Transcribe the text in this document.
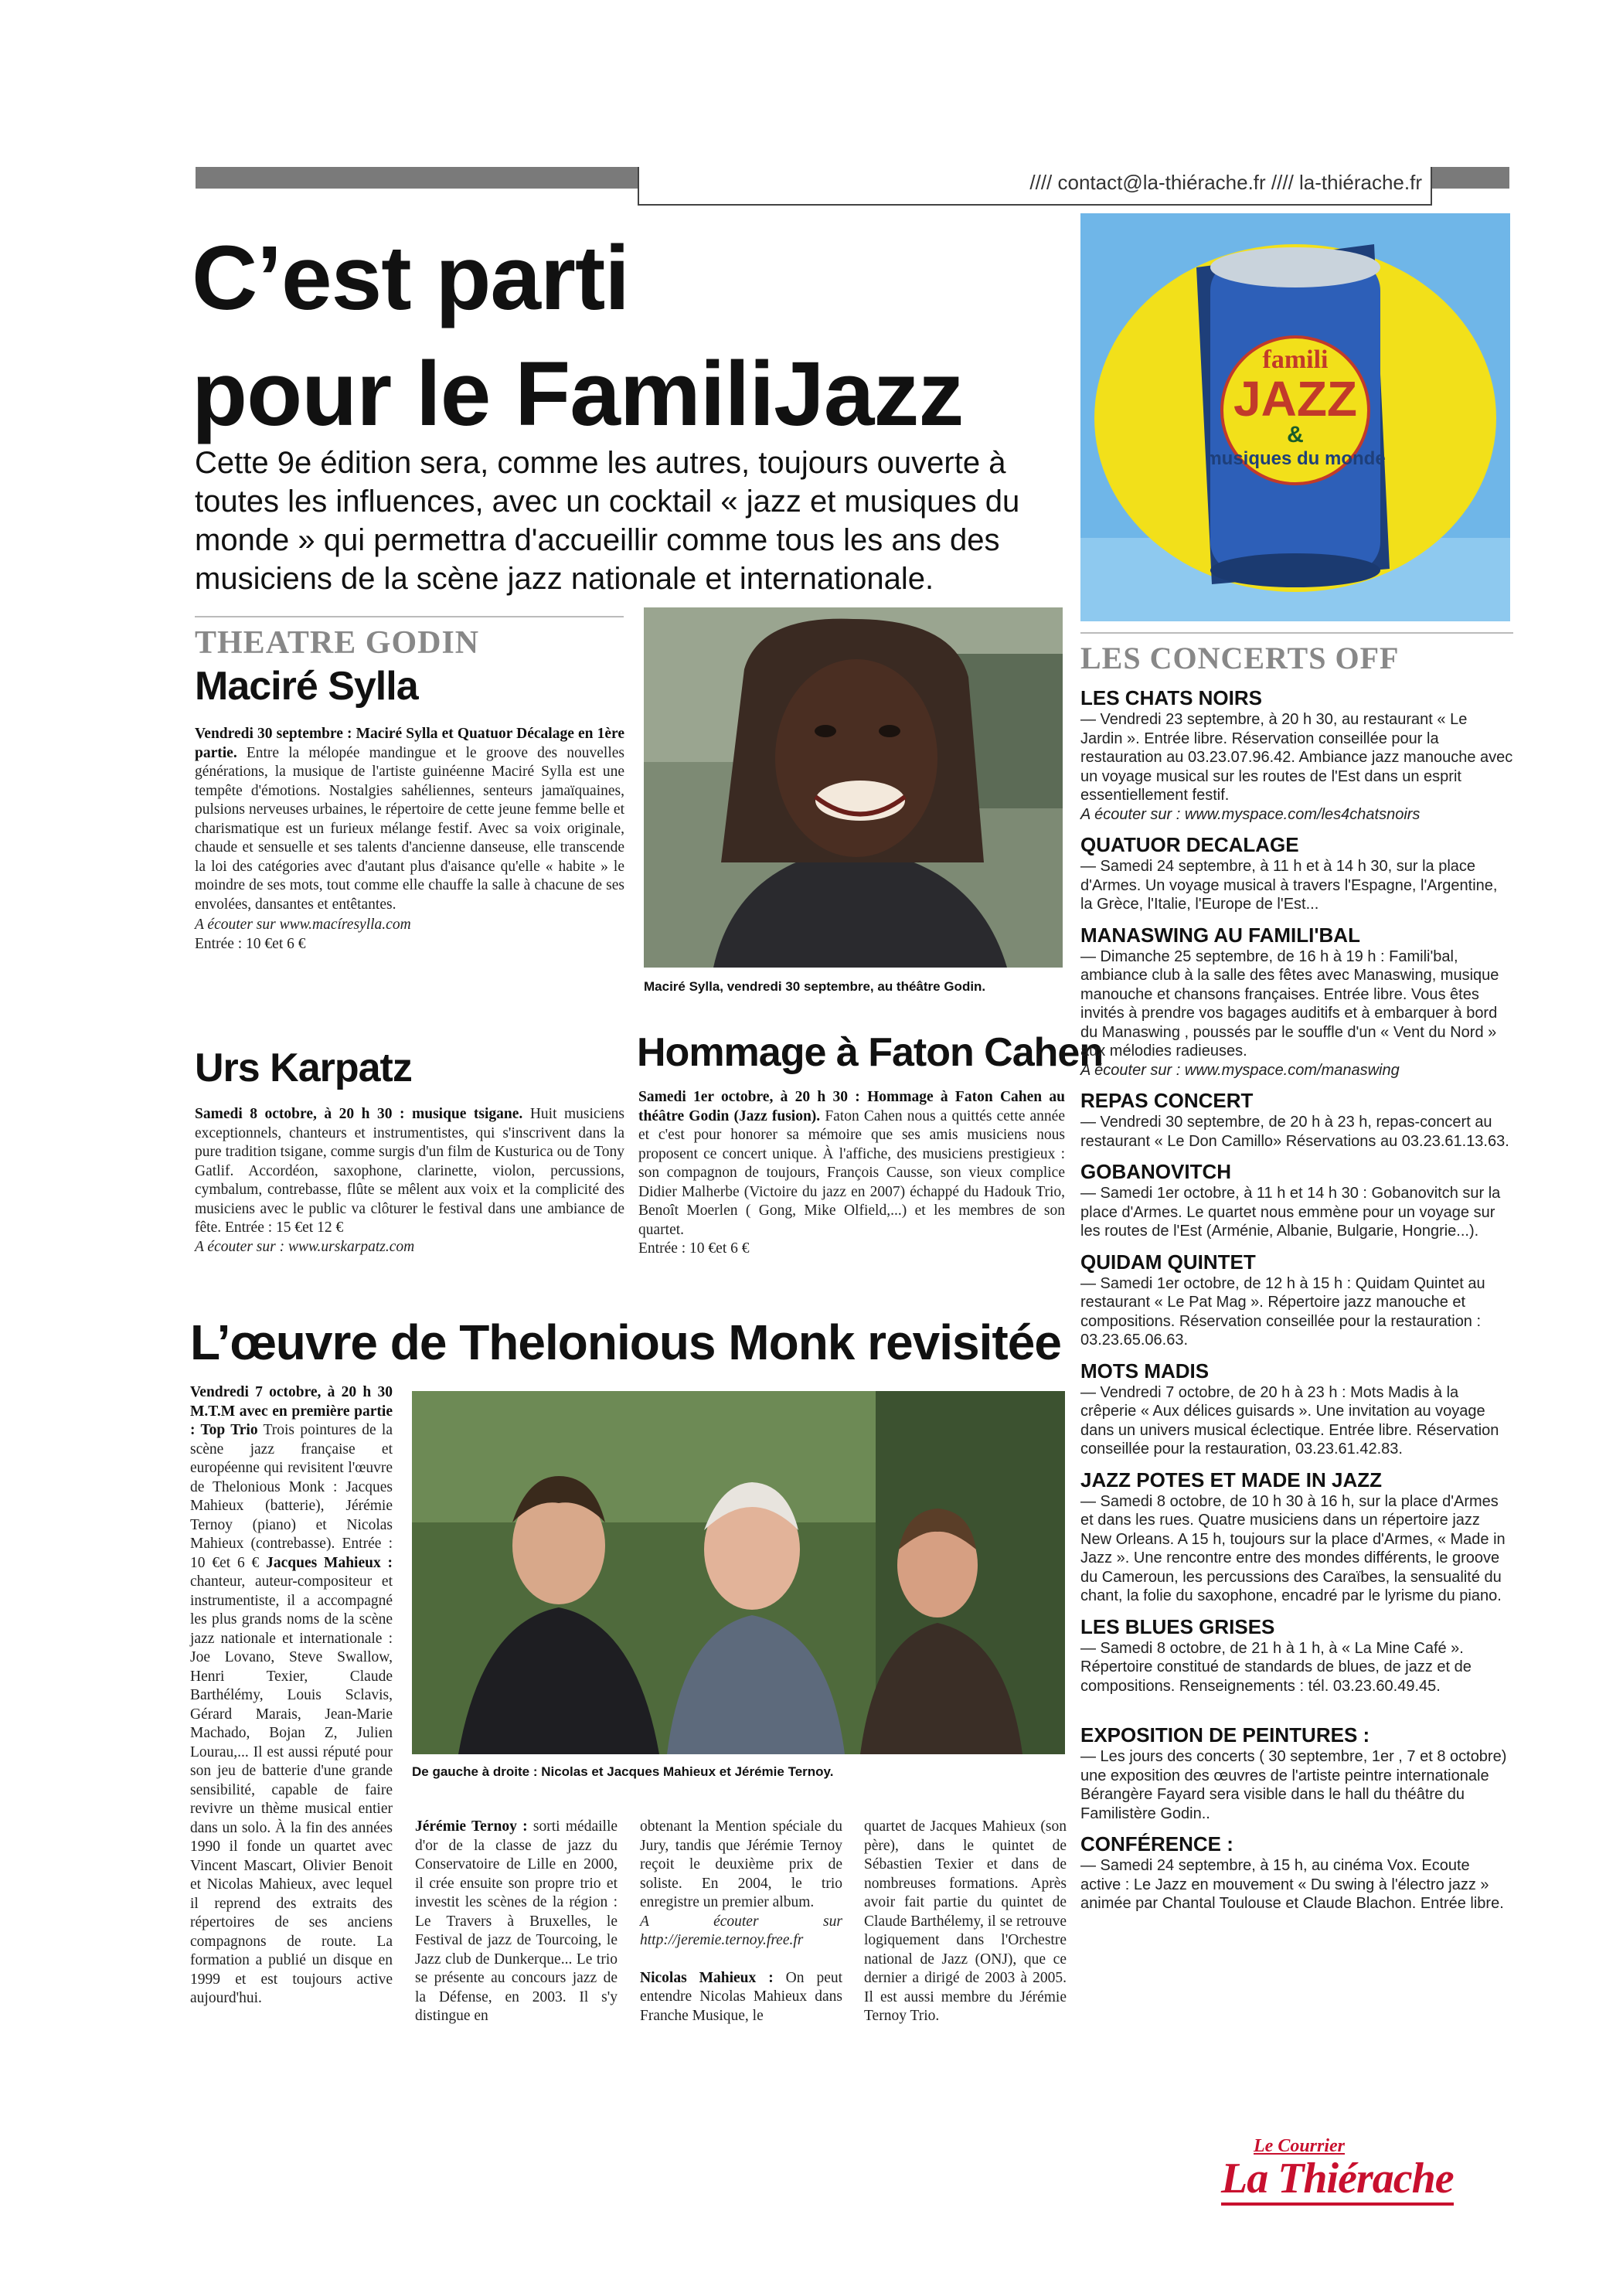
//// contact@la-thiérache.fr //// la-thiérache.fr
C’est parti
pour le FamiliJazz
Cette 9e édition sera, comme les autres, toujours ouverte à toutes les influences, avec un cocktail « jazz et musiques du monde » qui permettra d'accueillir comme tous les ans des musiciens de la scène jazz nationale et internationale.
famili
JAZZ
&
musiques du monde
THEATRE GODIN
Maciré Sylla
Vendredi 30 septembre : Maciré Sylla et Quatuor Décalage en 1ère partie. Entre la mélopée mandingue et le groove des nouvelles générations, la musique de l'artiste guinéenne Maciré Sylla est une tempête d'émotions. Nostalgies sahéliennes, senteurs jamaïquaines, pulsions nerveuses urbaines, le répertoire de cette jeune femme belle et charismatique est un furieux mélange festif. Avec sa voix originale, chaude et sensuelle et ses talents d'ancienne danseuse, elle transcende la loi des catégories avec d'autant plus d'aisance qu'elle « habite » le moindre de ses mots, tout comme elle chauffe la salle à chacune de ses envolées, dansantes et entêtantes.
A écouter sur www.macíresylla.com
Entrée : 10 €et 6 €
Maciré Sylla, vendredi 30 septembre, au théâtre Godin.
Urs Karpatz
Samedi 8 octobre, à 20 h 30 : musique tsigane. Huit musiciens exceptionnels, chanteurs et instrumentistes, qui s'inscrivent dans la pure tradition tsigane, comme surgis d'un film de Kusturica ou de Tony Gatlif. Accordéon, saxophone, clarinette, violon, percussions, cymbalum, contrebasse, flûte se mêlent aux voix et la complicité des musiciens avec le public va clôturer le festival dans une ambiance de fête. Entrée : 15 €et 12 €
A écouter sur : www.urskarpatz.com
Hommage à Faton Cahen
Samedi 1er octobre, à 20 h 30 : Hommage à Faton Cahen au théâtre Godin (Jazz fusion). Faton Cahen nous a quittés cette année et c'est pour honorer sa mémoire que ses amis musiciens nous proposent ce concert unique. À l'affiche, des musiciens prestigieux : son compagnon de toujours, François Causse, son vieux complice Didier Malherbe (Victoire du jazz en 2007) échappé du Hadouk Trio, Benoît Moerlen ( Gong, Mike Olfield,...) et les membres de son quartet.
Entrée : 10 €et 6 €
L’œuvre de Thelonious Monk revisitée
Vendredi 7 octobre, à 20 h 30 M.T.M avec en première partie : Top Trio Trois pointures de la scène jazz française et européenne qui revisitent l'œuvre de Thelonious Monk : Jacques Mahieux (batterie), Jérémie Ternoy (piano) et Nicolas Mahieux (contrebasse). Entrée : 10 €et 6 € Jacques Mahieux : chanteur, auteur-compositeur et instrumentiste, il a accompagné les plus grands noms de la scène jazz nationale et internationale : Joe Lovano, Steve Swallow, Henri Texier, Claude Barthélémy, Louis Sclavis, Gérard Marais, Jean-Marie Machado, Bojan Z, Julien Lourau,... Il est aussi réputé pour son jeu de batterie d'une grande sensibilité, capable de faire revivre un thème musical entier dans un solo. À la fin des années 1990 il fonde un quartet avec Vincent Mascart, Olivier Benoit et Nicolas Mahieux, avec lequel il reprend des extraits des répertoires de ses anciens compagnons de route. La formation a publié un disque en 1999 et est toujours active aujourd'hui.
De gauche à droite : Nicolas et Jacques Mahieux et Jérémie Ternoy.
Jérémie Ternoy : sorti médaille d'or de la classe de jazz du Conservatoire de Lille en 2000, il crée ensuite son propre trio et investit les scènes de la région : Le Travers à Bruxelles, le Festival de jazz de Tourcoing, le Jazz club de Dunkerque... Le trio se présente au concours jazz de la Défense, en 2003. Il s'y distingue en
obtenant la Mention spéciale du Jury, tandis que Jérémie Ternoy reçoit le deuxième prix de soliste. En 2004, le trio enregistre un premier album.
A écouter sur http://jeremie.ternoy.free.fr
Nicolas Mahieux : On peut entendre Nicolas Mahieux dans Franche Musique, le
quartet de Jacques Mahieux (son père), dans le quintet de Sébastien Texier et dans de nombreuses formations. Après avoir fait partie du quintet de Claude Barthélemy, il se retrouve logiquement dans l'Orchestre national de Jazz (ONJ), que ce dernier a dirigé de 2003 à 2005. Il est aussi membre du Jérémie Ternoy Trio.
LES CONCERTS OFF
LES CHATS NOIRS
— Vendredi 23 septembre, à 20 h 30, au restaurant « Le Jardin ». Entrée libre. Réservation conseillée pour la restauration au 03.23.07.96.42. Ambiance jazz manouche avec un voyage musical sur les routes de l'Est dans un esprit essentiellement festif.
A écouter sur : www.myspace.com/les4chatsnoirs
QUATUOR DECALAGE
— Samedi 24 septembre, à 11 h et à 14 h 30, sur la place d'Armes. Un voyage musical à travers l'Espagne, l'Argentine, la Grèce, l'Italie, l'Europe de l'Est...
MANASWING AU FAMILI'BAL
— Dimanche 25 septembre, de 16 h à 19 h : Famili'bal, ambiance club à la salle des fêtes avec Manaswing, musique manouche et chansons françaises. Entrée libre. Vous êtes invités à prendre vos bagages auditifs et à embarquer à bord du Manaswing , poussés par le souffle d'un « Vent du Nord » aux mélodies radieuses.
A écouter sur : www.myspace.com/manaswing
REPAS CONCERT
— Vendredi 30 septembre, de 20 h à 23 h, repas-concert au restaurant « Le Don Camillo» Réservations au 03.23.61.13.63.
GOBANOVITCH
— Samedi 1er octobre, à 11 h et 14 h 30 : Gobanovitch sur la place d'Armes. Le quartet nous emmène pour un voyage sur les routes de l'Est (Arménie, Albanie, Bulgarie, Hongrie...).
QUIDAM QUINTET
— Samedi 1er octobre, de 12 h à 15 h : Quidam Quintet au restaurant « Le Pat Mag ». Répertoire jazz manouche et compositions. Réservation conseillée pour la restauration : 03.23.65.06.63.
MOTS MADIS
— Vendredi 7 octobre, de 20 h à 23 h : Mots Madis à la crêperie « Aux délices guisards ». Une invitation au voyage dans un univers musical éclectique. Entrée libre. Réservation conseillée pour la restauration, 03.23.61.42.83.
JAZZ POTES ET MADE IN JAZZ
— Samedi 8 octobre, de 10 h 30 à 16 h, sur la place d'Armes et dans les rues. Quatre musiciens dans un répertoire jazz New Orleans. A 15 h, toujours sur la place d'Armes, « Made in Jazz ». Une rencontre entre des mondes différents, le groove du Cameroun, les percussions des Caraïbes, la sensualité du chant, la folie du saxophone, encadré par le lyrisme du piano.
LES BLUES GRISES
— Samedi 8 octobre, de 21 h à 1 h, à « La Mine Café ». Répertoire constitué de standards de blues, de jazz et de compositions. Renseignements : tél. 03.23.60.49.45.
EXPOSITION DE PEINTURES :
— Les jours des concerts ( 30 septembre, 1er , 7 et 8 octobre) une exposition des œuvres de l'artiste peintre internationale Bérangère Fayard sera visible dans le hall du théâtre du Familistère Godin..
CONFÉRENCE :
— Samedi 24 septembre, à 15 h, au cinéma Vox. Ecoute active : Le Jazz en mouvement « Du swing à l'électro jazz » animée par Chantal Toulouse et Claude Blachon. Entrée libre.
Le Courrier
La Thiérache
